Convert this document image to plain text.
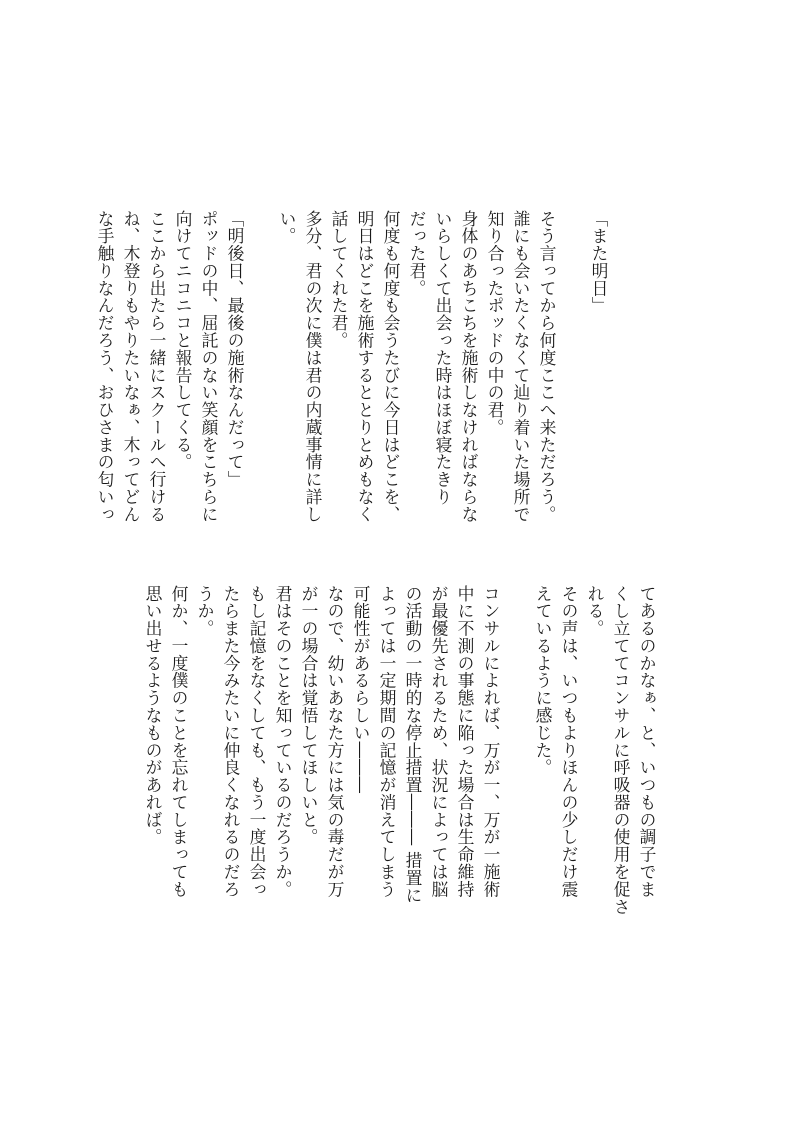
「また明日」
そう言ってから何度ここへ来ただろう。
誰にも会いたくなくて辿り着いた場所で
知り合ったポッドの中の君。
身体のあちこちを施術しなければならな
いらしくて出会った時はほぼ寝たきり
だった君。
何度も何度も会うたびに今日はどこを、
明日はどこを施術するととりとめもなく
話してくれた君。
多分、君の次に僕は君の内蔵事情に詳し
い。
「明後日、最後の施術なんだって」
ポッドの中、屈託のない笑顔をこちらに
向けてニコニコと報告してくる。
ここから出たら一緒にスクールへ行ける
ね、木登りもやりたいなぁ、木ってどん
な手触りなんだろう、おひさまの匂いっ
てあるのかなぁ、と、いつもの調子でま
くし立ててコンサルに呼吸器の使用を促さ
れる。
その声は、いつもよりほんの少しだけ震
えているように感じた。
コンサルによれば、万が一、万が一施術
中に不測の事態に陥った場合は生命維持
が最優先されるため、状況によっては脳
の活動の一時的な停止措置――― 措置に
よっては一定期間の記憶が消えてしまう
可能性があるらしい―――
なので、幼いあなた方には気の毒だが万
が一の場合は覚悟してほしいと。
君はそのことを知っているのだろうか。
もし記憶をなくしても、もう一度出会っ
たらまた今みたいに仲良くなれるのだろ
うか。
何か、一度僕のことを忘れてしまっても
思い出せるようなものがあれば。
